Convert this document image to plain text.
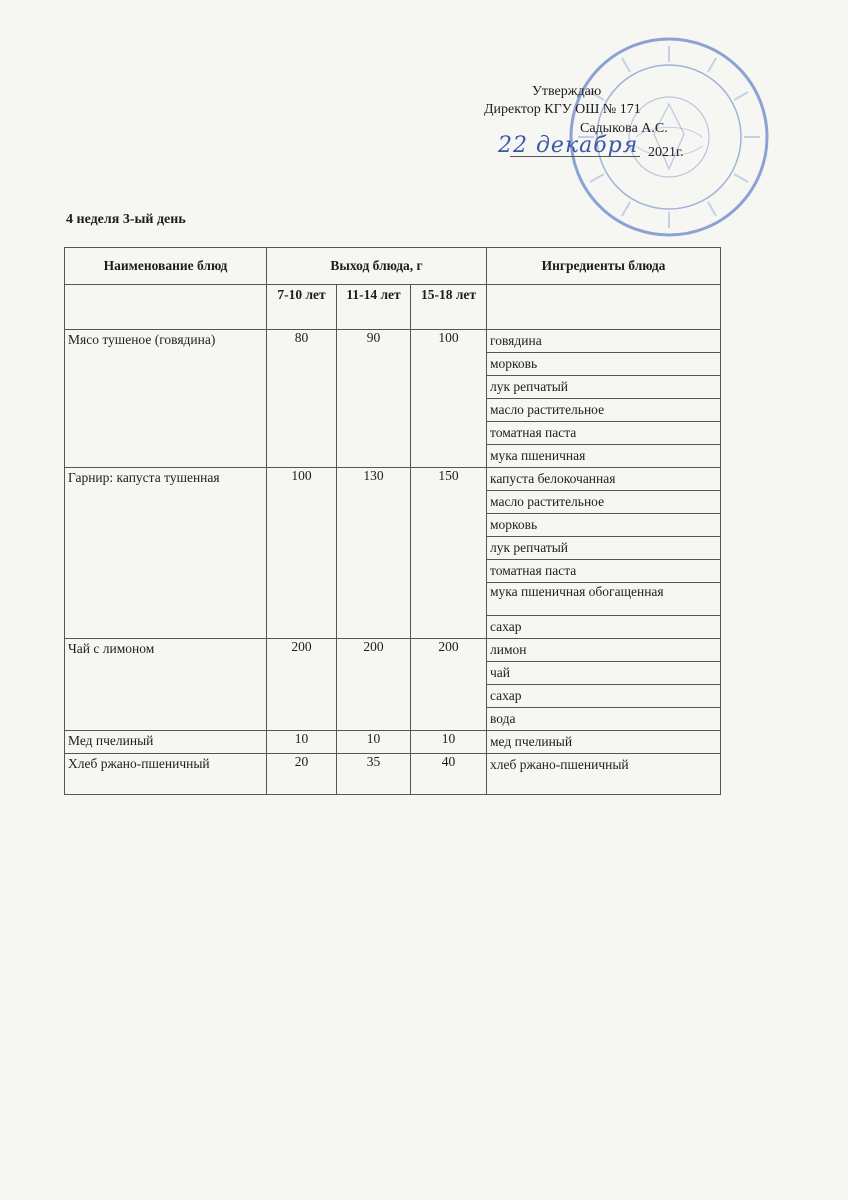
Утверждаю
Директор КГУ ОШ № 171
Садыкова А.С.
22 декабря 2021г.
4 неделя 3-ый день
Наименование блюд	Выход блюда, г			Ингредиенты блюда
	7-10 лет	11-14 лет	15-18 лет	
Мясо тушеное (говядина)	80	90	100	говядина
				морковь
				лук репчатый
				масло растительное
				томатная паста
				мука пшеничная
Гарнир: капуста тушенная	100	130	150	капуста белокочанная
				масло растительное
				морковь
				лук репчатый
				томатная паста
				мука пшеничная обогащенная
				сахар
Чай с лимоном	200	200	200	лимон
				чай
				сахар
				вода
Мед пчелиный	10	10	10	мед пчелиный
Хлеб ржано-пшеничный	20	35	40	хлеб ржано-пшеничный
